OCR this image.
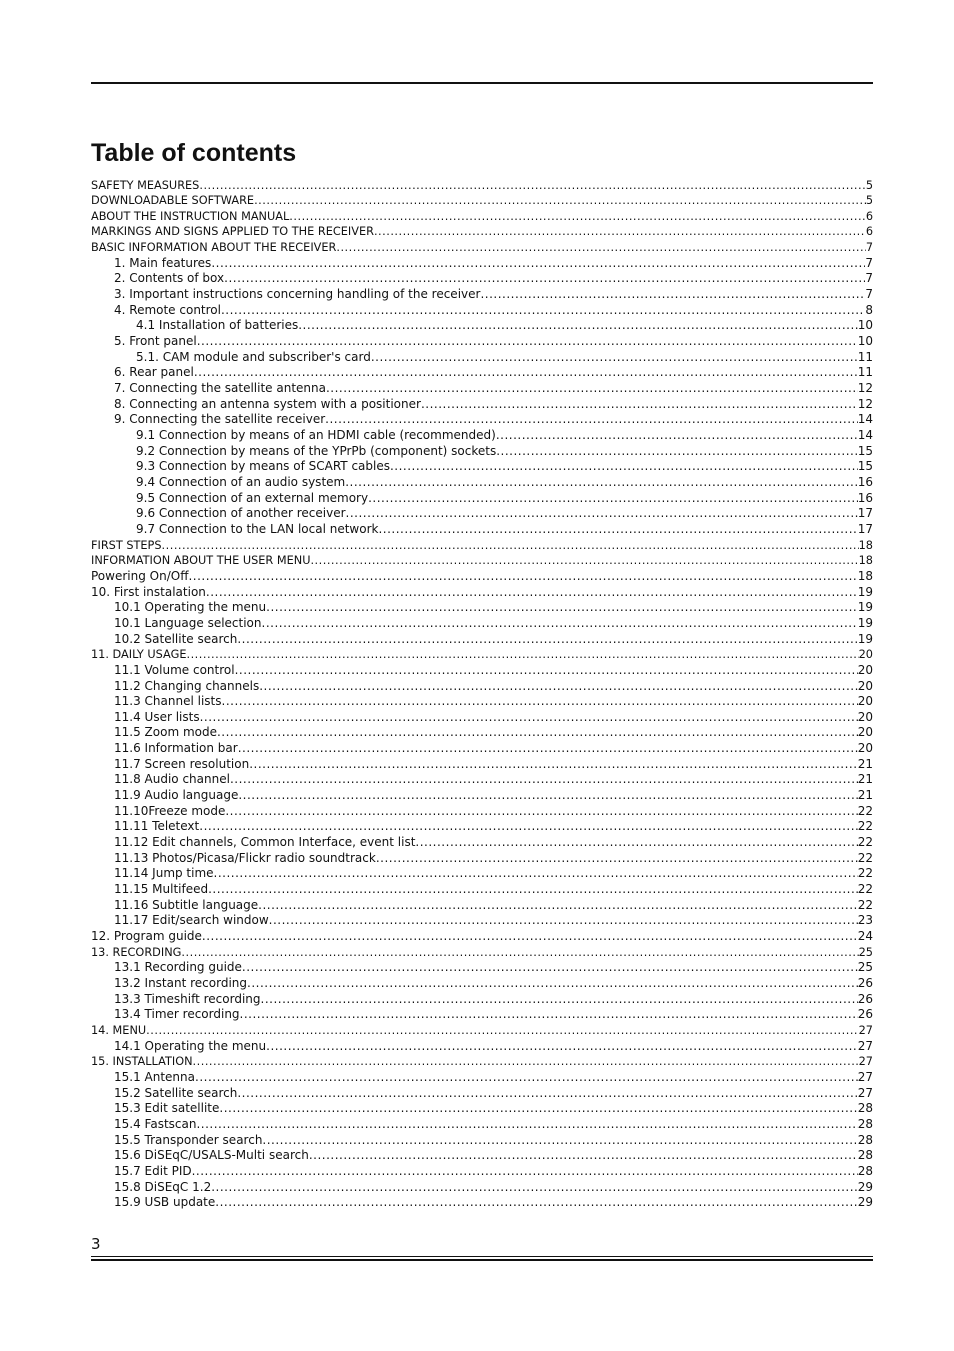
Table of contents
SAFETY MEASURES .....	5
DOWNLOADABLE SOFTWARE .....	5
ABOUT THE INSTRUCTION MANUAL .....	6
MARKINGS AND SIGNS APPLIED TO THE RECEIVER .....	6
BASIC INFORMATION ABOUT THE RECEIVER .....	7
1. Main features .....	7
2. Contents of box .....	7
3. Important instructions concerning handling of the receiver .....	7
4. Remote control .....	8
4.1 Installation of batteries .....	10
5. Front panel .....	10
5.1. CAM module and subscriber's card .....	11
6. Rear panel .....	11
7. Connecting the satellite antenna .....	12
8. Connecting an antenna system with a positioner .....	12
9. Connecting the satellite receiver .....	14
9.1 Connection by means of an HDMI cable (recommended) .....	14
9.2 Connection by means of the YPrPb (component) sockets .....	15
9.3 Connection by means of SCART cables .....	15
9.4 Connection of an audio system .....	16
9.5 Connection of an external memory .....	16
9.6 Connection of another receiver .....	17
9.7 Connection to the LAN local network .....	17
FIRST STEPS .....	18
INFORMATION ABOUT THE USER MENU .....	18
Powering On/Off .....	18
10. First instalation .....	19
10.1 Operating the menu .....	19
10.1 Language selection .....	19
10.2 Satellite search .....	19
11. DAILY USAGE .....	20
11.1 Volume control .....	20
11.2 Changing channels .....	20
11.3 Channel lists .....	20
11.4 User lists .....	20
11.5 Zoom mode .....	20
11.6 Information bar .....	20
11.7 Screen resolution .....	21
11.8 Audio channel .....	21
11.9 Audio language .....	21
11.10Freeze mode .....	22
11.11 Teletext .....	22
11.12 Edit channels, Common Interface, event list .....	22
11.13 Photos/Picasa/Flickr radio soundtrack .....	22
11.14 Jump time .....	22
11.15 Multifeed .....	22
11.16 Subtitle language .....	22
11.17 Edit/search window .....	23
12. Program guide .....	24
13. RECORDING .....	25
13.1 Recording guide .....	25
13.2 Instant recording .....	26
13.3 Timeshift recording .....	26
13.4 Timer recording .....	26
14. MENU .....	27
14.1 Operating the menu .....	27
15. INSTALLATION .....	27
15.1 Antenna .....	27
15.2 Satellite search .....	27
15.3 Edit satellite .....	28
15.4 Fastscan .....	28
15.5 Transponder search .....	28
15.6 DiSEqC/USALS-Multi search .....	28
15.7 Edit PID .....	28
15.8 DiSEqC 1.2 .....	29
15.9 USB update .....	29
3
